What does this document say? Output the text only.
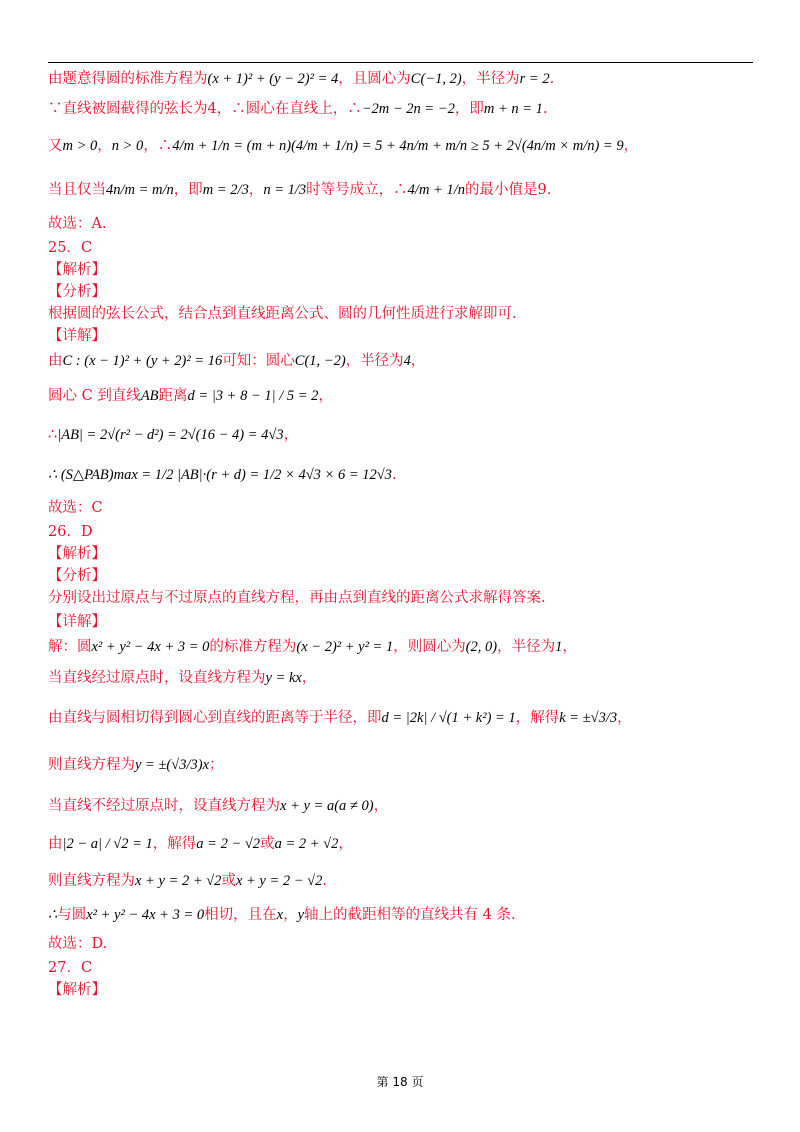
由题意得圆的标准方程为(x + 1)² + (y − 2)² = 4，且圆心为C(−1, 2)，半径为r = 2.
∵直线被圆截得的弦长为4，∴圆心在直线上，∴−2m − 2n = −2，即m + n = 1.
又m > 0，n > 0，∴4/m + 1/n = (m + n)(4/m + 1/n) = 5 + 4n/m + m/n ≥ 5 + 2√(4n/m × m/n) = 9，
当且仅当4n/m = m/n，即m = 2/3，n = 1/3时等号成立，∴4/m + 1/n的最小值是9.
故选：A.
25．C
【解析】
【分析】
根据圆的弦长公式，结合点到直线距离公式、圆的几何性质进行求解即可.
【详解】
由C : (x − 1)² + (y + 2)² = 16可知：圆心C(1, −2)，半径为4，
圆心 C 到直线AB距离d = |3 + 8 − 1| / 5 = 2，
∴|AB| = 2√(r² − d²) = 2√(16 − 4) = 4√3，
∴ (S△PAB)max = 1/2 |AB|·(r + d) = 1/2 × 4√3 × 6 = 12√3.
故选：C
26．D
【解析】
【分析】
分别设出过原点与不过原点的直线方程，再由点到直线的距离公式求解得答案.
【详解】
解：圆x² + y² − 4x + 3 = 0的标准方程为(x − 2)² + y² = 1，则圆心为(2, 0)，半径为1，
当直线经过原点时，设直线方程为y = kx，
由直线与圆相切得到圆心到直线的距离等于半径，即d = |2k| / √(1 + k²) = 1，解得k = ±√3/3，
则直线方程为y = ±(√3/3)x；
当直线不经过原点时，设直线方程为x + y = a(a ≠ 0)，
由|2 − a| / √2 = 1，解得a = 2 − √2或a = 2 + √2，
则直线方程为x + y = 2 + √2或x + y = 2 − √2.
∴与圆x² + y² − 4x + 3 = 0相切，且在x，y轴上的截距相等的直线共有 4 条.
故选：D.
27．C
【解析】
第 18 页
